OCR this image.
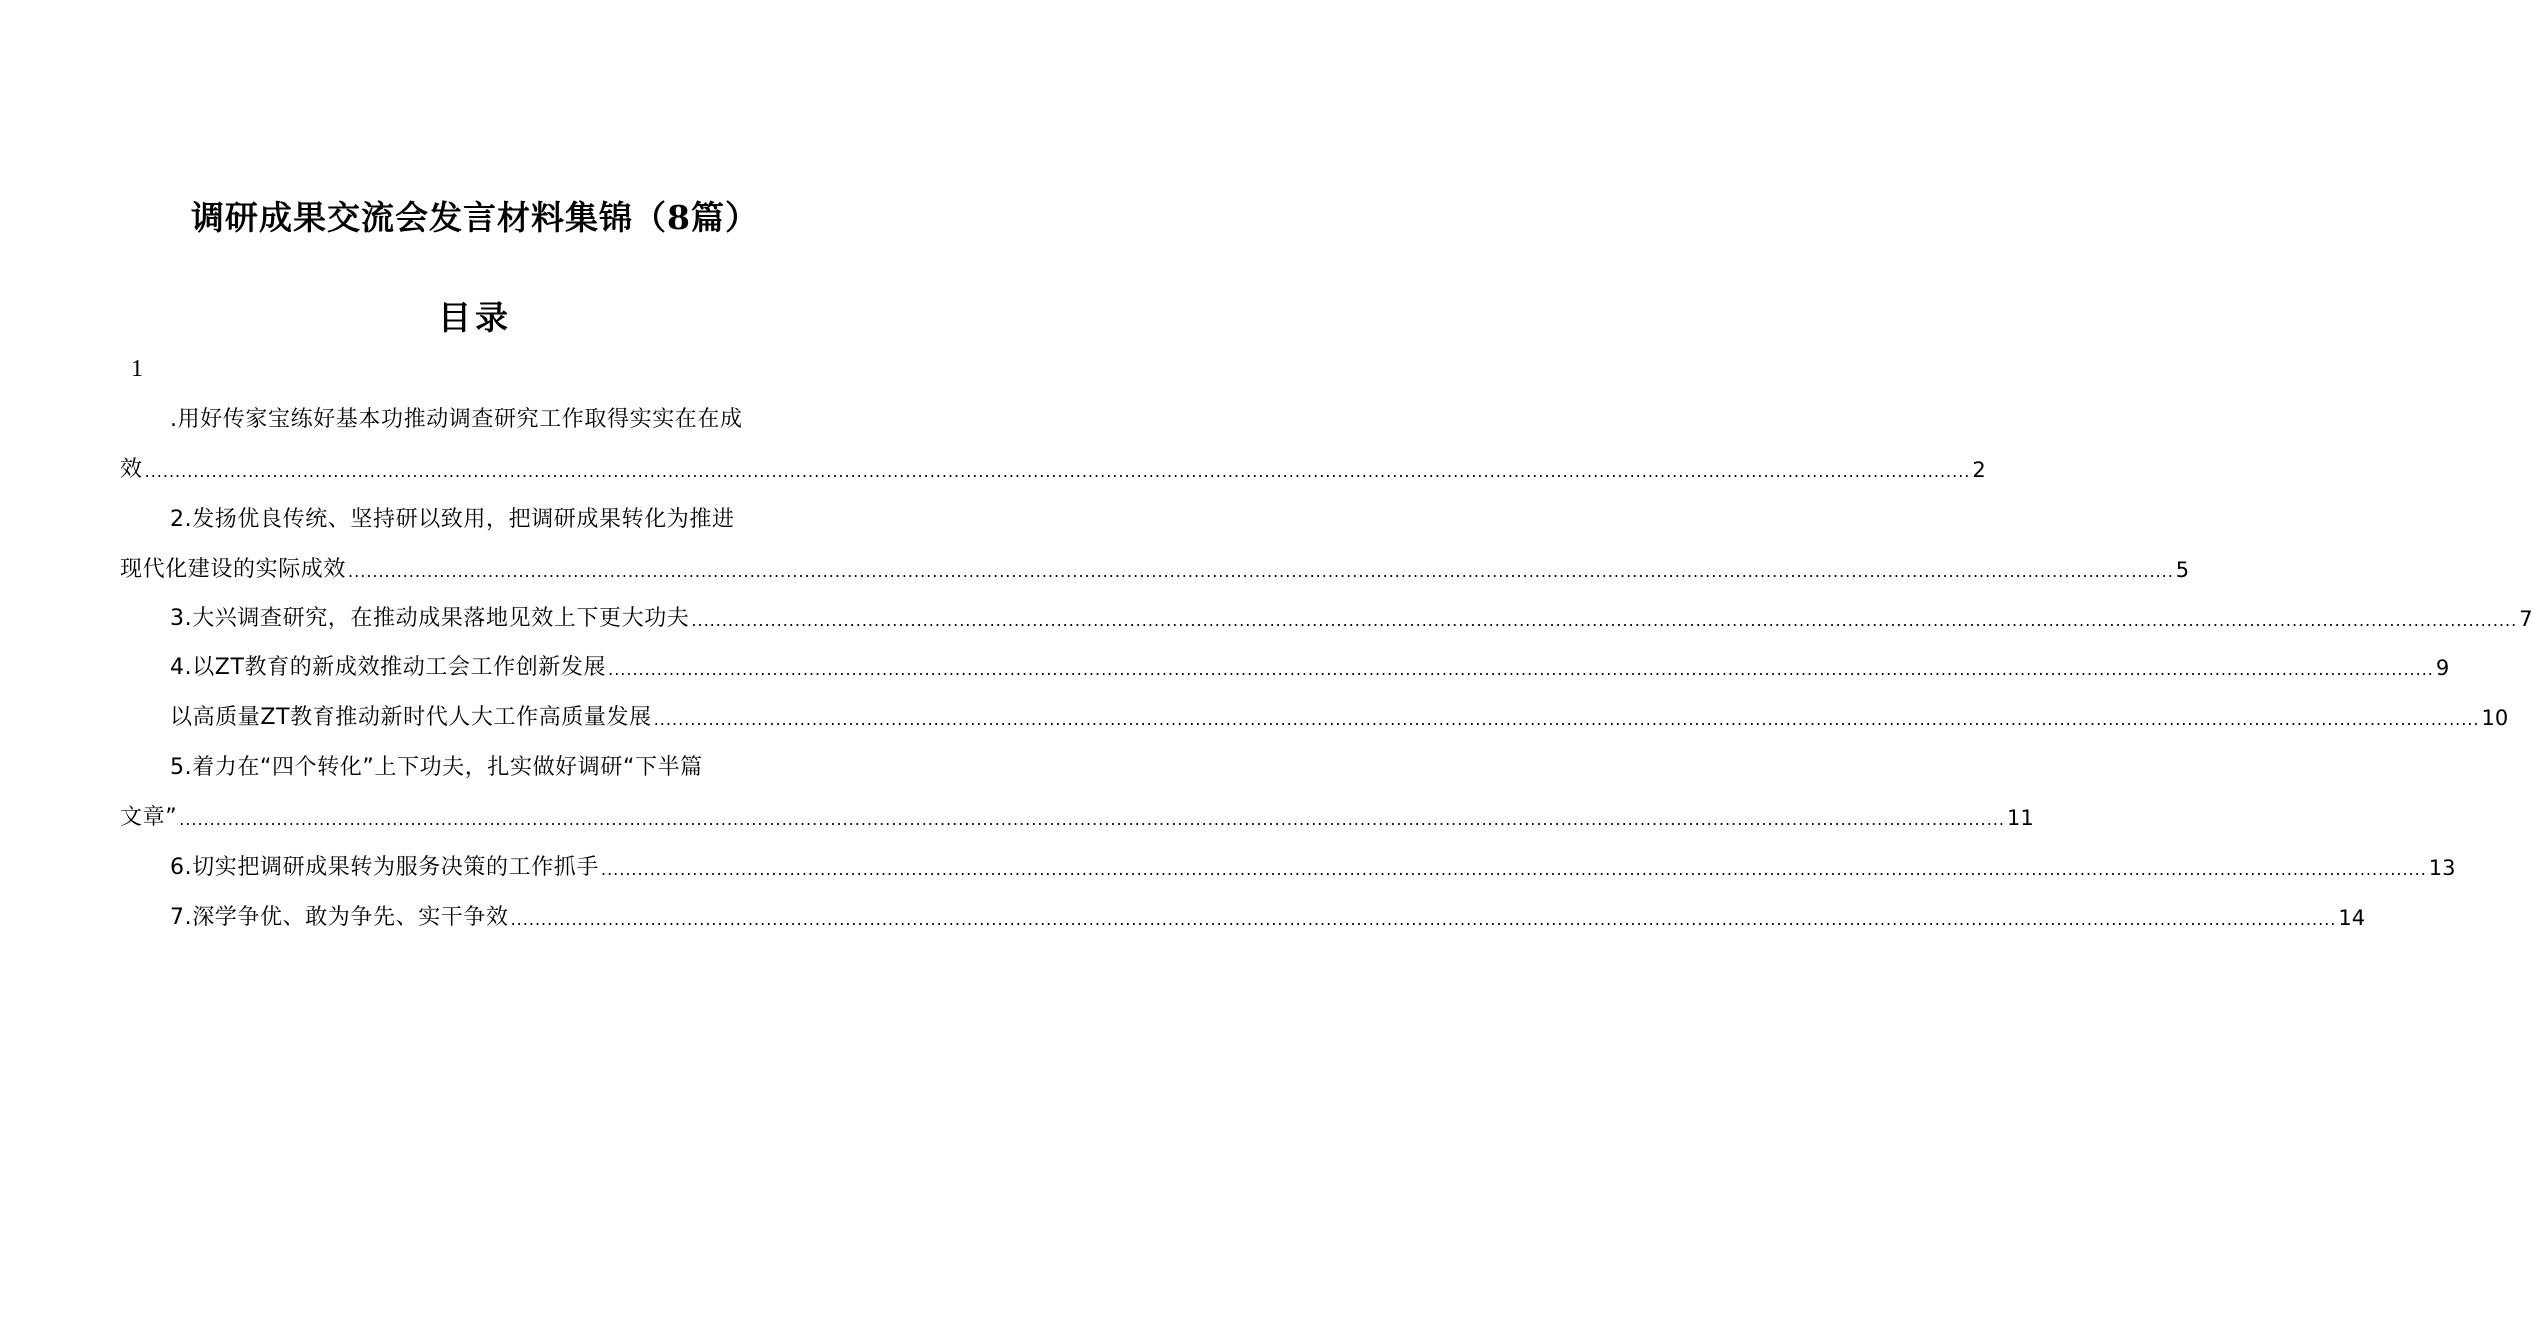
调研成果交流会发言材料集锦（8篇）
目录
1
.用好传家宝练好基本功推动调查研究工作取得实实在在成
效 ............................................................................................................................................................................................................................................................................................................ 2
2.发扬优良传统、坚持研以致用，把调研成果转化为推进
现代化建设的实际成效 ............................................................................................................................................................................................................................................................................................................ 5
3.大兴调查研究，在推动成果落地见效上下更大功夫 ............................................................................................................................................................................................................................................................................................................ 7
4.以ZT教育的新成效推动工会工作创新发展 ............................................................................................................................................................................................................................................................................................................ 9
以高质量ZT教育推动新时代人大工作高质量发展 ............................................................................................................................................................................................................................................................................................................ 10
5.着力在“四个转化”上下功夫，扎实做好调研“下半篇
文章” ............................................................................................................................................................................................................................................................................................................ 11
6.切实把调研成果转为服务决策的工作抓手 ............................................................................................................................................................................................................................................................................................................ 13
7.深学争优、敢为争先、实干争效 ............................................................................................................................................................................................................................................................................................................ 14
